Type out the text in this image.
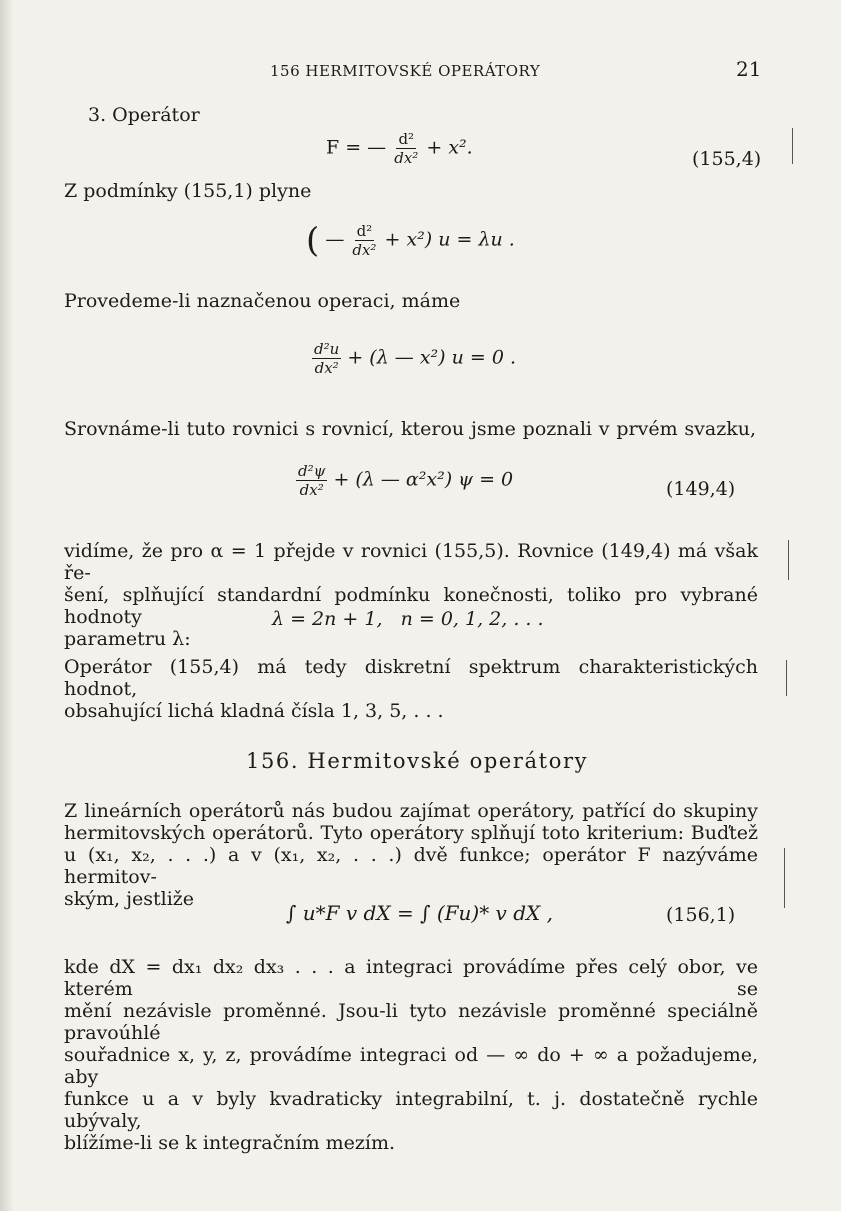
156 HERMITOVSKÉ OPERÁTORY	21
3. Operátor
F = — $\frac{\text{d²}}{\text{dx²}} + x^2$.
(155,4)
Z podmínky (155,1) plyne
( — $\frac{\text{d²}}{\text{dx²}} + x^2$) u = λu .
Provedeme-li naznačenou operaci, máme
$\frac{\text{d²u}}{\text{dx²}} + (\lambda$ — x²) u = 0 .
Srovnáme-li tuto rovnici s rovnicí, kterou jsme poznali v prvém svazku,
$\frac{\text{d²ψ}}{\text{dx²}} + (\lambda$ — α²x²) ψ = 0	(149,4)
vidíme, že pro α = 1 přejde v rovnici (155,5). Rovnice (149,4) má však ře-
šení, splňující standardní podmínku konečnosti, toliko pro vybrané hodnoty
parametru λ:
λ = 2n + 1,   n = 0, 1, 2, . . .
Operátor (155,4) má tedy diskretní spektrum charakteristických hodnot,
obsahující lichá kladná čísla 1, 3, 5, . . .
156. Hermitovské operátory
Z lineárních operátorů nás budou zajímat operátory, patřící do skupiny
hermitovských operátorů. Tyto operátory splňují toto kriterium: Buďtež
u (x₁, x₂, . . .) a v (x₁, x₂, . . .) dvě funkce; operátor F nazýváme hermitov-
ským, jestliže
∫ u*F v dX = ∫ (Fu)* v dX ,	(156,1)
kde dX = dx₁ dx₂ dx₃ . . . a integraci provádíme přes celý obor, ve kterém se
mění nezávisle proměnné. Jsou-li tyto nezávisle proměnné speciálně pravoúhlé
souřadnice x, y, z, provádíme integraci od — ∞ do + ∞ a požadujeme, aby
funkce u a v byly kvadraticky integrabilní, t. j. dostatečně rychle ubývaly,
blížíme-li se k integračním mezím.
